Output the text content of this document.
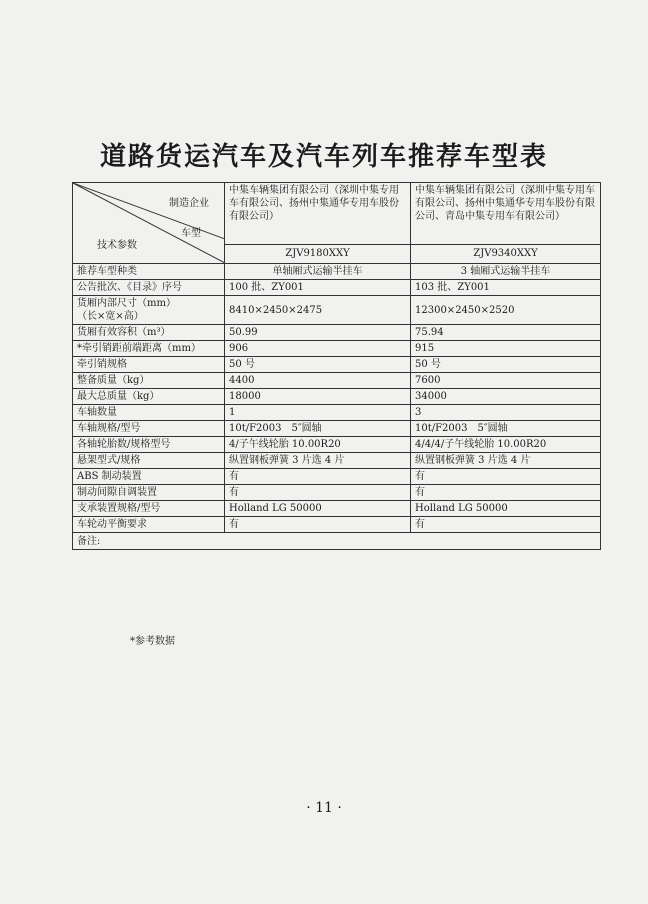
道路货运汽车及汽车列车推荐车型表
制造企业
车型
技术参数	中集车辆集团有限公司（深圳中集专用车有限公司、扬州中集通华专用车股份有限公司）	中集车辆集团有限公司（深圳中集专用车有限公司、扬州中集通华专用车股份有限公司、青岛中集专用车有限公司）
	ZJV9180XXY	ZJV9340XXY
推荐车型种类	单轴厢式运输半挂车	3 轴厢式运输半挂车
公告批次、《目录》序号	100 批、ZY001	103 批、ZY001
货厢内部尺寸（mm）
（长×宽×高）	8410×2450×2475	12300×2450×2520
货厢有效容积（m³）	50.99	75.94
*牵引销距前端距离（mm）	906	915
牵引销规格	50 号	50 号
整备质量（kg）	4400	7600
最大总质量（kg）	18000	34000
车轴数量	1	3
车轴规格/型号	10t/F2003　5″圆轴	10t/F2003　5″圆轴
各轴轮胎数/规格型号	4/子午线轮胎 10.00R20	4/4/4/子午线轮胎 10.00R20
悬架型式/规格	纵置钢板弹簧 3 片选 4 片	纵置钢板弹簧 3 片选 4 片
ABS 制动装置	有	有
制动间隙自调装置	有	有
支承装置规格/型号	Holland LG 50000	Holland LG 50000
车轮动平衡要求	有	有
备注:		
*参考数据
· 11 ·
